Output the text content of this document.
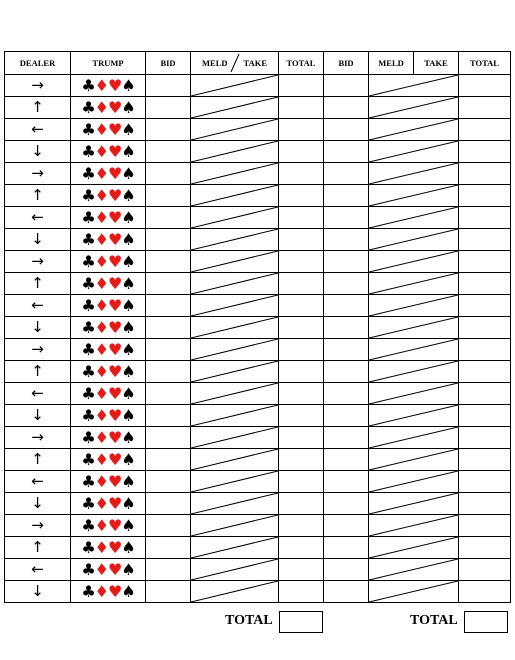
DEALER	TRUMP	BID	MELD TAKE	TOTAL	BID	MELD	TAKE	TOTAL
→	♣♦♥♠		

↑	♣♦♥♠		

←	♣♦♥♠		

↓	♣♦♥♠		

→	♣♦♥♠		

↑	♣♦♥♠		

←	♣♦♥♠		

↓	♣♦♥♠		

→	♣♦♥♠		

↑	♣♦♥♠		

←	♣♦♥♠		

↓	♣♦♥♠		

→	♣♦♥♠		

↑	♣♦♥♠		

←	♣♦♥♠		

↓	♣♦♥♠		

→	♣♦♥♠		

↑	♣♦♥♠		

←	♣♦♥♠		

↓	♣♦♥♠		

→	♣♦♥♠		

↑	♣♦♥♠		

←	♣♦♥♠		

↓	♣♦♥♠		

TOTAL	TOTAL
